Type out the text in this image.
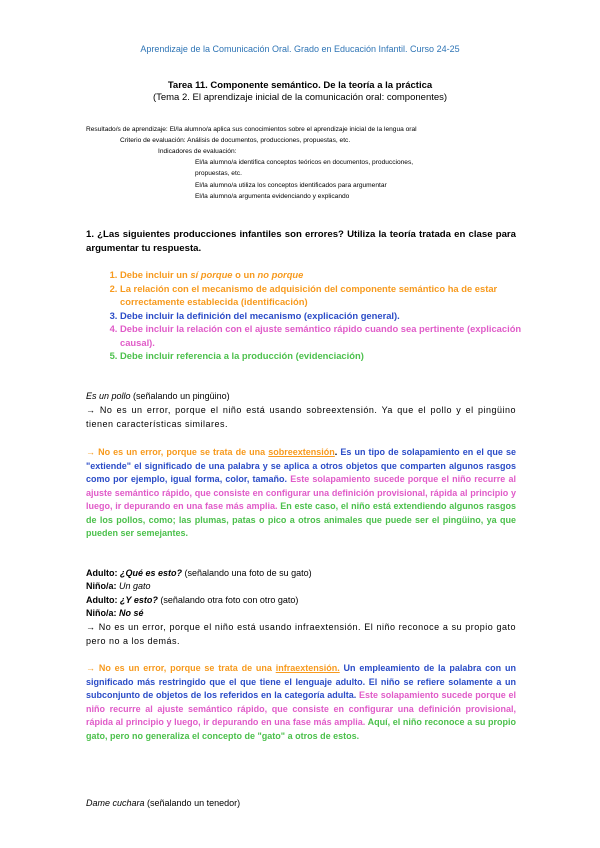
Aprendizaje de la Comunicación Oral. Grado en Educación Infantil. Curso 24-25

Tarea 11. Componente semántico. De la teoría a la práctica

(Tema 2. El aprendizaje inicial de la comunicación oral: componentes)

Resultado/s de aprendizaje: El/la alumno/a aplica sus conocimientos sobre el aprendizaje inicial de la lengua oral

Criterio de evaluación: Análisis de documentos, producciones, propuestas, etc.

Indicadores de evaluación:

El/la alumno/a identifica conceptos teóricos en documentos, producciones,

propuestas, etc.

El/la alumno/a utiliza los conceptos identificados para argumentar

El/la alumno/a argumenta evidenciando y explicando

1. ¿Las siguientes producciones infantiles son errores? Utiliza la teoría tratada en clase para argumentar tu respuesta.

1. Debe incluir un sí porque o un no porque
2. La relación con el mecanismo de adquisición del componente semántico ha de estar correctamente establecida (identificación)
3. Debe incluir la definición del mecanismo (explicación general).
4. Debe incluir la relación con el ajuste semántico rápido cuando sea pertinente (explicación causal).
5. Debe incluir referencia a la producción (evidenciación)

Es un pollo (señalando un pingüino)

→ No es un error, porque el niño está usando sobreextensión. Ya que el pollo y el pingüino tienen características similares.

→ No es un error, porque se trata de una sobreextensión. Es un tipo de solapamiento en el que se "extiende" el significado de una palabra y se aplica a otros objetos que comparten algunos rasgos como por ejemplo, igual forma, color, tamaño. Este solapamiento sucede porque el niño recurre al ajuste semántico rápido, que consiste en configurar una definición provisional, rápida al principio y luego, ir depurando en una fase más amplia. En este caso, el niño está extendiendo algunos rasgos de los pollos, como; las plumas, patas o pico a otros animales que puede ser el pingüino, ya que pueden ser semejantes.

Adulto: ¿Qué es esto? (señalando una foto de su gato)

Niño/a: Un gato

Adulto: ¿Y esto? (señalando otra foto con otro gato)

Niño/a: No sé

→ No es un error, porque el niño está usando infraextensión. El niño reconoce a su propio gato pero no a los demás.

→ No es un error, porque se trata de una infraextensión. Un empleamiento de la palabra con un significado más restringido que el que tiene el lenguaje adulto. El niño se refiere solamente a un subconjunto de objetos de los referidos en la categoría adulta. Este solapamiento sucede porque el niño recurre al ajuste semántico rápido, que consiste en configurar una definición provisional, rápida al principio y luego, ir depurando en una fase más amplia. Aquí, el niño reconoce a su propio gato, pero no generaliza el concepto de "gato" a otros de estos.

Dame cuchara (señalando un tenedor)
